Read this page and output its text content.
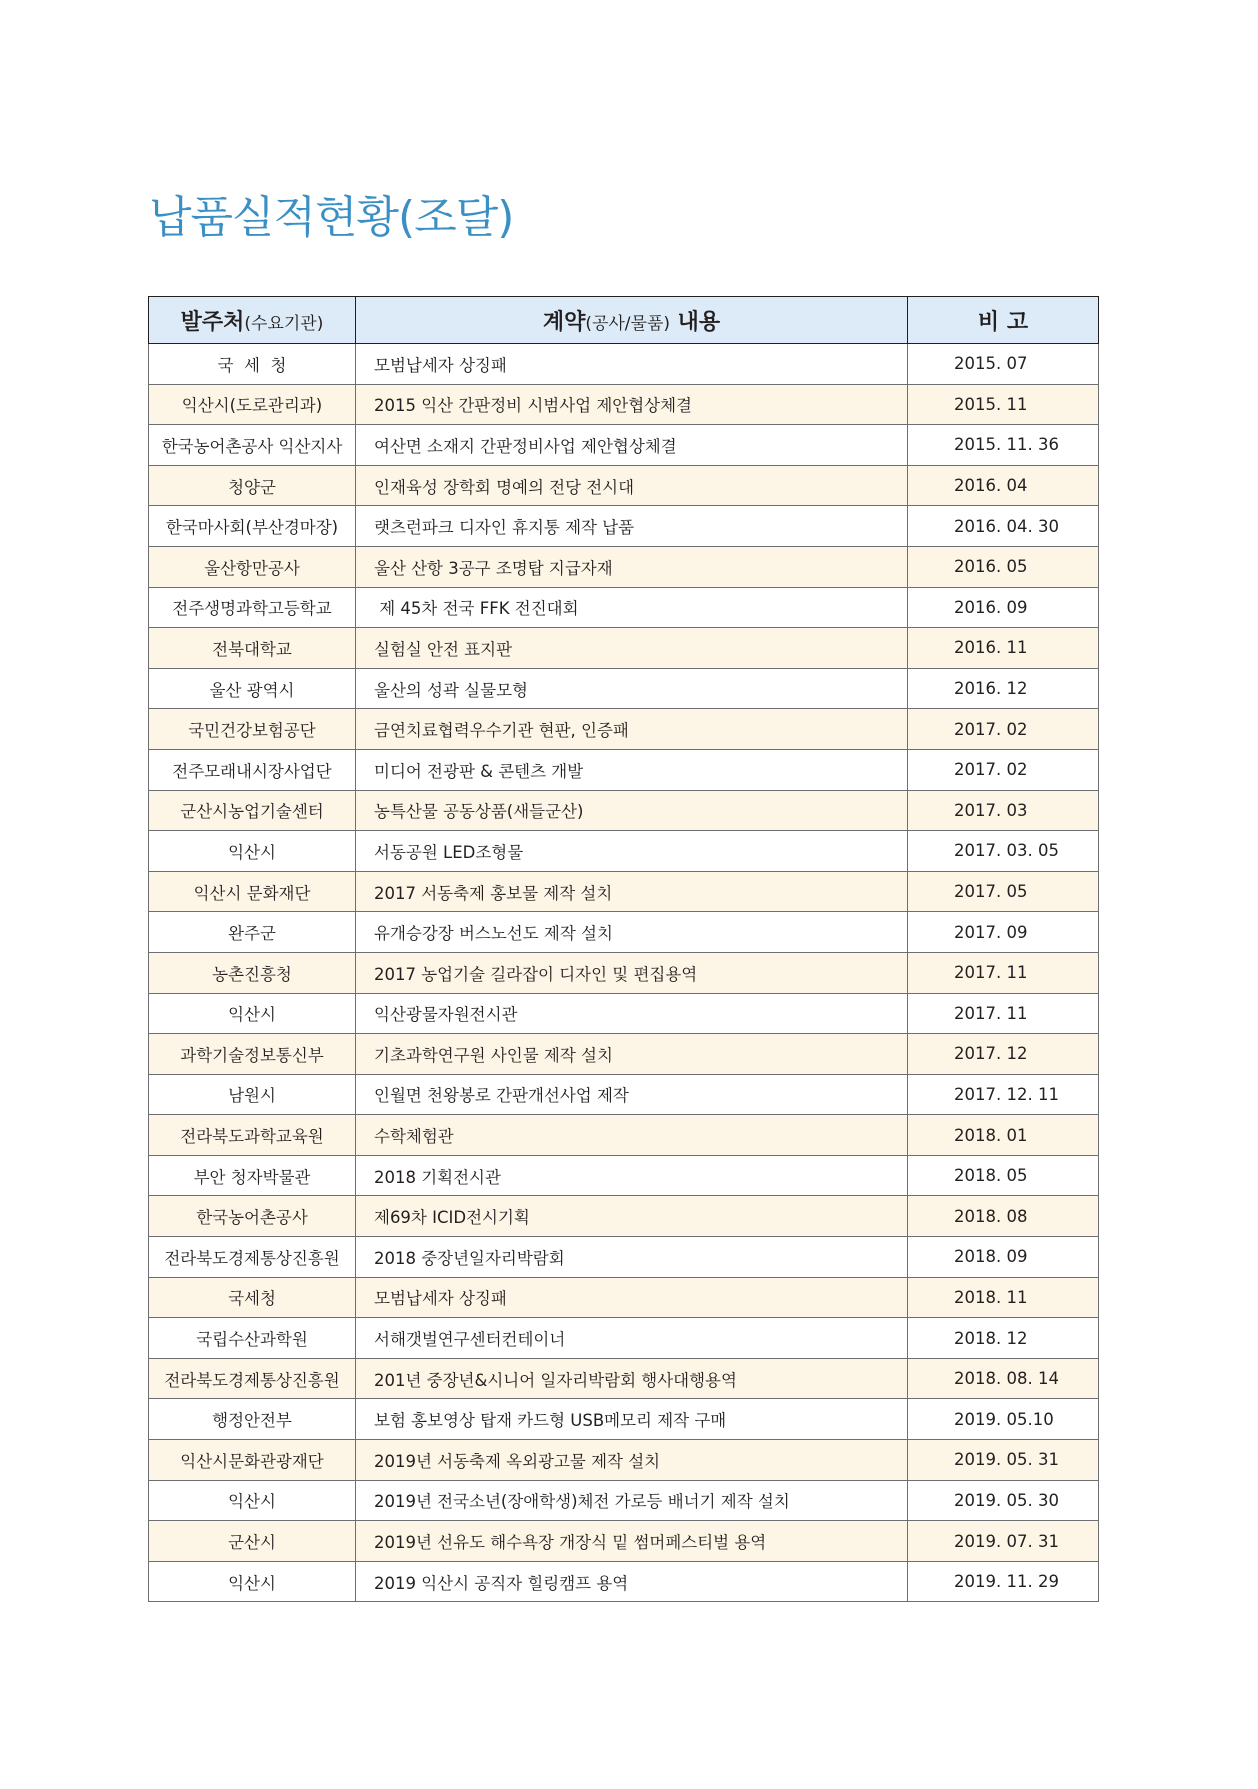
납품실적현황(조달)
발주처(수요기관)	계약(공사/물품) 내용	비 고
국  세  청	모범납세자 상징패	2015. 07
익산시(도로관리과)	2015 익산 간판정비 시범사업 제안협상체결	2015. 11
한국농어촌공사 익산지사	여산면 소재지 간판정비사업 제안협상체결	2015. 11. 36
청양군	인재육성 장학회 명예의 전당 전시대	2016. 04
한국마사회(부산경마장)	랫츠런파크 디자인 휴지통 제작 납품	2016. 04. 30
울산항만공사	울산 산항 3공구 조명탑 지급자재	2016. 05
전주생명과학고등학교	제 45차 전국 FFK 전진대회	2016. 09
전북대학교	실험실 안전 표지판	2016. 11
울산 광역시	울산의 성곽 실물모형	2016. 12
국민건강보험공단	금연치료협력우수기관 현판, 인증패	2017. 02
전주모래내시장사업단	미디어 전광판 & 콘텐츠 개발	2017. 02
군산시농업기술센터	농특산물 공동상품(새들군산)	2017. 03
익산시	서동공원 LED조형물	2017. 03. 05
익산시 문화재단	2017 서동축제 홍보물 제작 설치	2017. 05
완주군	유개승강장 버스노선도 제작 설치	2017. 09
농촌진흥청	2017 농업기술 길라잡이 디자인 및 편집용역	2017. 11
익산시	익산광물자원전시관	2017. 11
과학기술정보통신부	기초과학연구원 사인물 제작 설치	2017. 12
남원시	인월면 천왕봉로 간판개선사업 제작	2017. 12. 11
전라북도과학교육원	수학체험관	2018. 01
부안 청자박물관	2018 기획전시관	2018. 05
한국농어촌공사	제69차 ICID전시기획	2018. 08
전라북도경제통상진흥원	2018 중장년일자리박람회	2018. 09
국세청	모범납세자 상징패	2018. 11
국립수산과학원	서해갯벌연구센터컨테이너	2018. 12
전라북도경제통상진흥원	201년 중장년&시니어 일자리박람회 행사대행용역	2018. 08. 14
행정안전부	보험 홍보영상 탑재 카드형 USB메모리 제작 구매	2019. 05.10
익산시문화관광재단	2019년 서동축제 옥외광고물 제작 설치	2019. 05. 31
익산시	2019년 전국소년(장애학생)체전 가로등 배너기 제작 설치	2019. 05. 30
군산시	2019년 선유도 해수욕장 개장식 밑 썸머페스티벌 용역	2019. 07. 31
익산시	2019 익산시 공직자 힐링캠프 용역	2019. 11. 29
